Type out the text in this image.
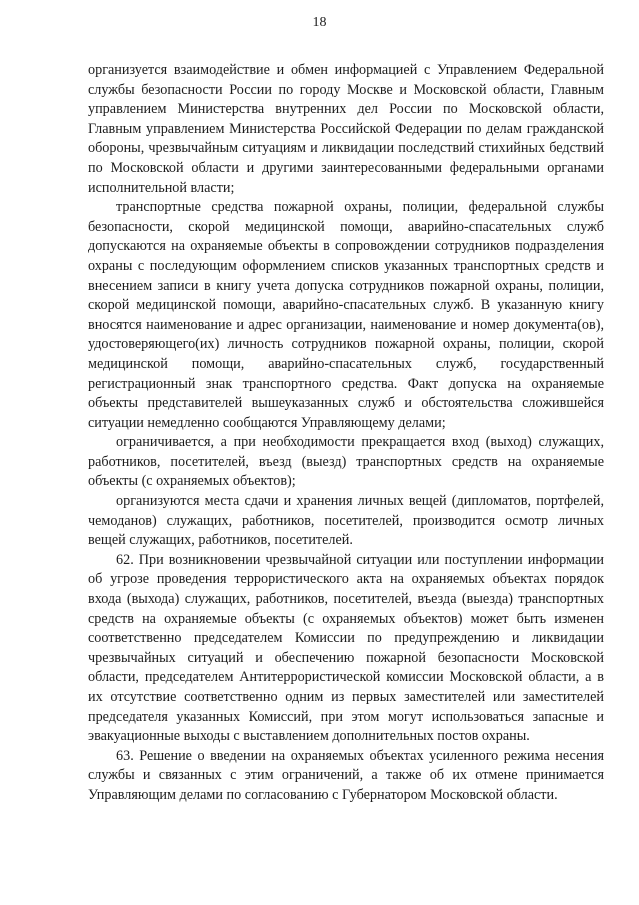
18

организуется взаимодействие и обмен информацией с Управлением Федеральной службы безопасности России по городу Москве и Московской области, Главным управлением Министерства внутренних дел России по Московской области, Главным управлением Министерства Российской Федерации по делам гражданской обороны, чрезвычайным ситуациям и ликвидации последствий стихийных бедствий по Московской области и другими заинтересованными федеральными органами исполнительной власти;

транспортные средства пожарной охраны, полиции, федеральной службы безопасности, скорой медицинской помощи, аварийно-спасательных служб допускаются на охраняемые объекты в сопровождении сотрудников подразделения охраны с последующим оформлением списков указанных транспортных средств и внесением записи в книгу учета допуска сотрудников пожарной охраны, полиции, скорой медицинской помощи, аварийно-спасательных служб. В указанную книгу вносятся наименование и адрес организации, наименование и номер документа(ов), удостоверяющего(их) личность сотрудников пожарной охраны, полиции, скорой медицинской помощи, аварийно-спасательных служб, государственный регистрационный знак транспортного средства. Факт допуска на охраняемые объекты представителей вышеуказанных служб и обстоятельства сложившейся ситуации немедленно сообщаются Управляющему делами;

ограничивается, а при необходимости прекращается вход (выход) служащих, работников, посетителей, въезд (выезд) транспортных средств на охраняемые объекты (с охраняемых объектов);

организуются места сдачи и хранения личных вещей (дипломатов, портфелей, чемоданов) служащих, работников, посетителей, производится осмотр личных вещей служащих, работников, посетителей.

62. При возникновении чрезвычайной ситуации или поступлении информации об угрозе проведения террористического акта на охраняемых объектах порядок входа (выхода) служащих, работников, посетителей, въезда (выезда) транспортных средств на охраняемые объекты (с охраняемых объектов) может быть изменен соответственно председателем Комиссии по предупреждению и ликвидации чрезвычайных ситуаций и обеспечению пожарной безопасности Московской области, председателем Антитеррористической комиссии Московской области, а в их отсутствие соответственно одним из первых заместителей или заместителей председателя указанных Комиссий, при этом могут использоваться запасные и эвакуационные выходы с выставлением дополнительных постов охраны.

63. Решение о введении на охраняемых объектах усиленного режима несения службы и связанных с этим ограничений, а также об их отмене принимается Управляющим делами по согласованию с Губернатором Московской области.
